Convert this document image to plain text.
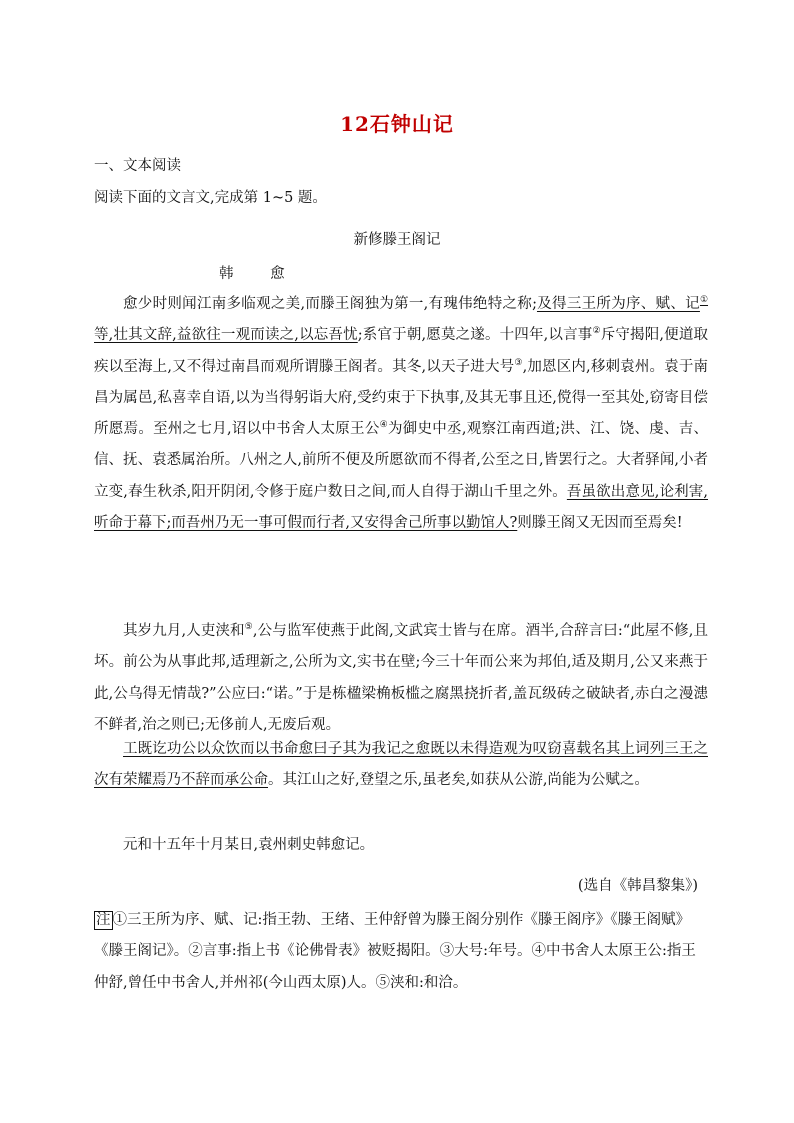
12石钟山记
一、文本阅读
阅读下面的文言文,完成第 1~5 题。
新修滕王阁记
韩 愈
愈少时则闻江南多临观之美,而滕王阁独为第一,有瑰伟绝特之称;及得三王所为序、赋、记①等,壮其文辞,益欲往一观而读之,以忘吾忧;系官于朝,愿莫之遂。十四年,以言事②斥守揭阳,便道取疾以至海上,又不得过南昌而观所谓滕王阁者。其冬,以天子进大号③,加恩区内,移刺袁州。袁于南昌为属邑,私喜幸自语,以为当得躬诣大府,受约束于下执事,及其无事且还,傥得一至其处,窃寄目偿所愿焉。至州之七月,诏以中书舍人太原王公④为御史中丞,观察江南西道;洪、江、饶、虔、吉、信、抚、袁悉属治所。八州之人,前所不便及所愿欲而不得者,公至之日,皆罢行之。大者驿闻,小者立变,春生秋杀,阳开阴闭,令修于庭户数日之间,而人自得于湖山千里之外。吾虽欲出意见,论利害,听命于幕下;而吾州乃无一事可假而行者,又安得舍己所事以勤馆人?则滕王阁又无因而至焉矣!
其岁九月,人吏浃和⑤,公与监军使燕于此阁,文武宾士皆与在席。酒半,合辞言曰:“此屋不修,且坏。前公为从事此邦,适理新之,公所为文,实书在壁;今三十年而公来为邦伯,适及期月,公又来燕于此,公乌得无情哉?”公应曰:“诺。”于是栋楹梁桷板槛之腐黑挠折者,盖瓦级砖之破缺者,赤白之漫漶不鲜者,治之则已;无侈前人,无废后观。
工既讫功公以众饮而以书命愈曰子其为我记之愈既以未得造观为叹窃喜载名其上词列三王之次有荣耀焉乃不辞而承公命。其江山之好,登望之乐,虽老矣,如获从公游,尚能为公赋之。
元和十五年十月某日,袁州刺史韩愈记。
(选自《韩昌黎集》)
注 ①三王所为序、赋、记:指王勃、王绪、王仲舒曾为滕王阁分别作《滕王阁序》《滕王阁赋》《滕王阁记》。②言事:指上书《论佛骨表》被贬揭阳。③大号:年号。④中书舍人太原王公:指王仲舒,曾任中书舍人,并州祁(今山西太原)人。⑤浃和:和洽。
